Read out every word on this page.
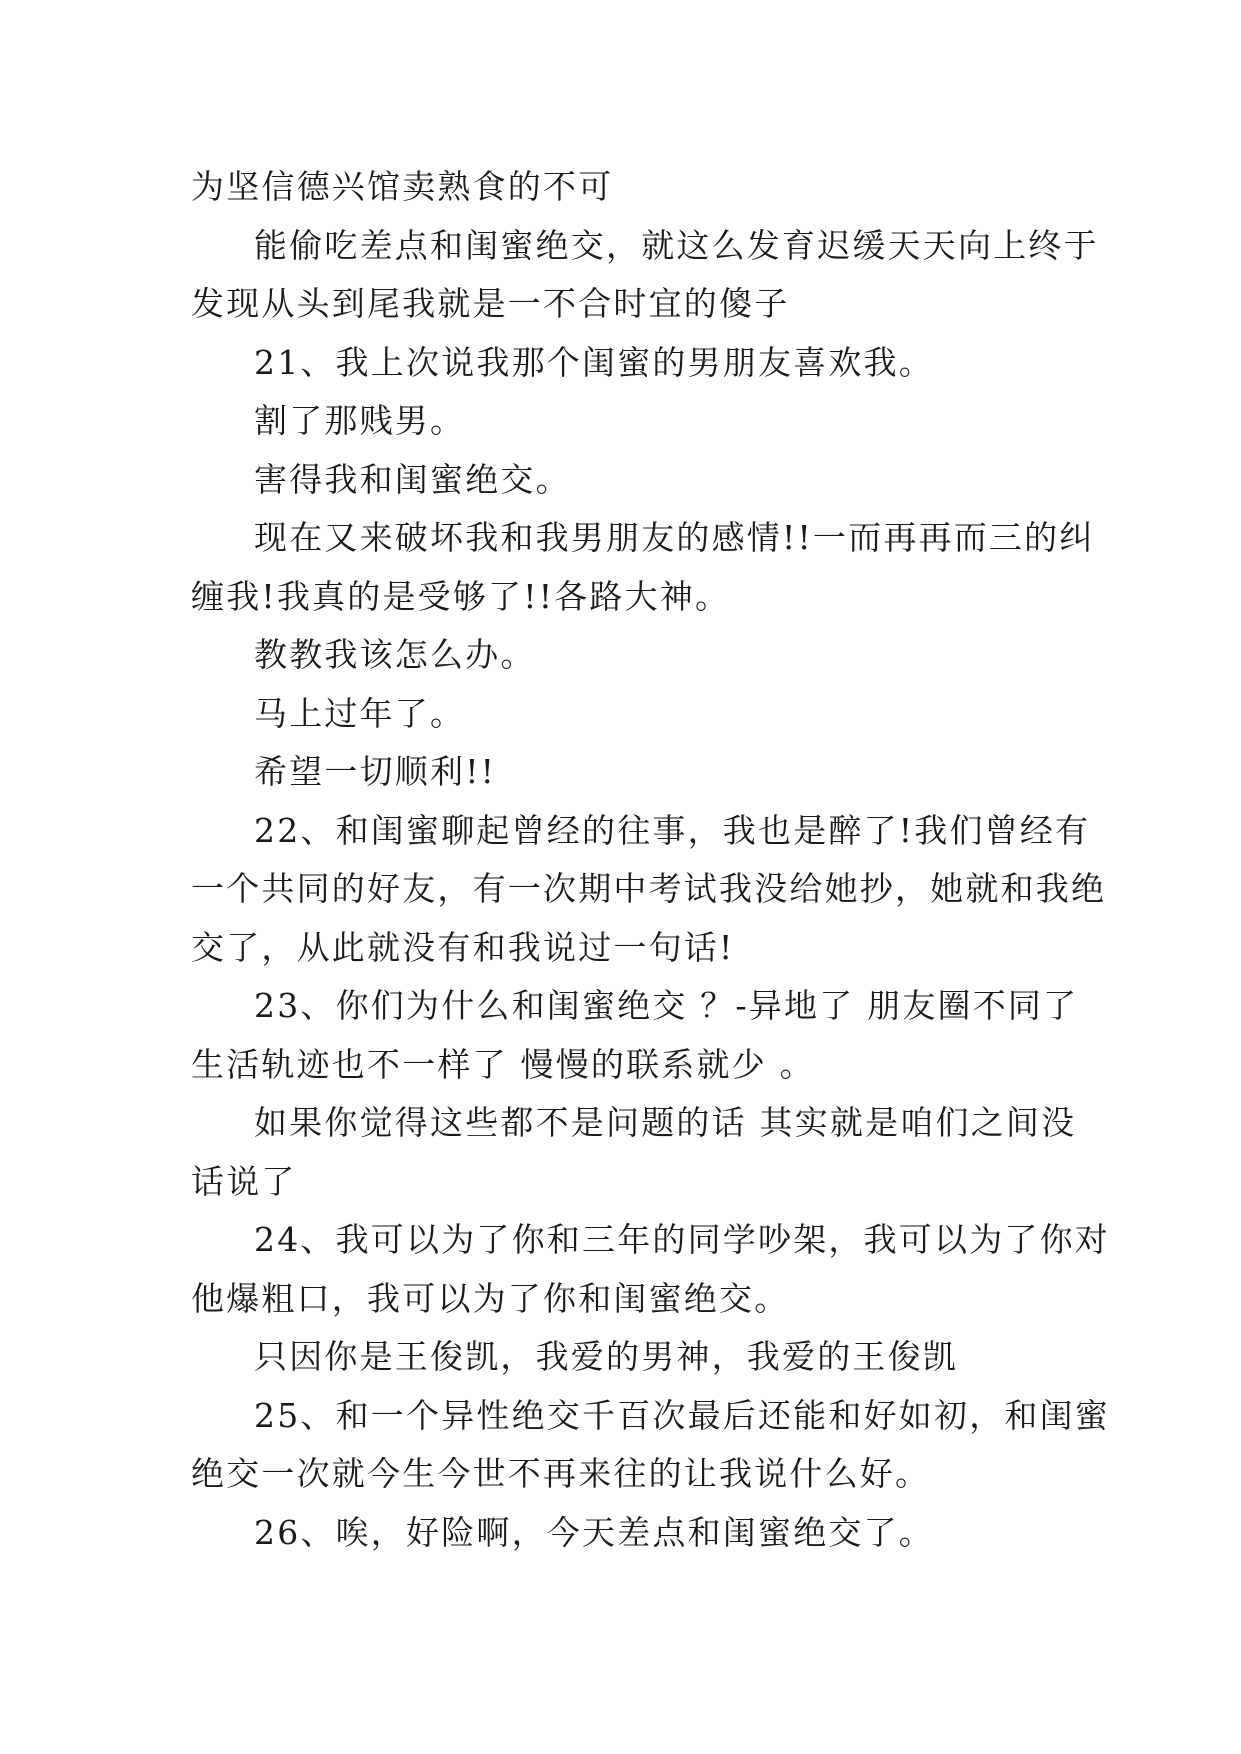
为坚信德兴馆卖熟食的不可

能偷吃差点和闺蜜绝交，就这么发育迟缓天天向上终于

发现从头到尾我就是一不合时宜的傻子

21、我上次说我那个闺蜜的男朋友喜欢我。

割了那贱男。

害得我和闺蜜绝交。

现在又来破坏我和我男朋友的感情!!一而再再而三的纠

缠我!我真的是受够了!!各路大神。

教教我该怎么办。

马上过年了。

希望一切顺利!!

22、和闺蜜聊起曾经的往事，我也是醉了!我们曾经有

一个共同的好友，有一次期中考试我没给她抄，她就和我绝

交了，从此就没有和我说过一句话!

23、你们为什么和闺蜜绝交 ？-异地了 朋友圈不同了

生活轨迹也不一样了 慢慢的联系就少 。

如果你觉得这些都不是问题的话 其实就是咱们之间没

话说了

24、我可以为了你和三年的同学吵架，我可以为了你对

他爆粗口，我可以为了你和闺蜜绝交。

只因你是王俊凯，我爱的男神，我爱的王俊凯

25、和一个异性绝交千百次最后还能和好如初，和闺蜜

绝交一次就今生今世不再来往的让我说什么好。

26、唉，好险啊，今天差点和闺蜜绝交了。
